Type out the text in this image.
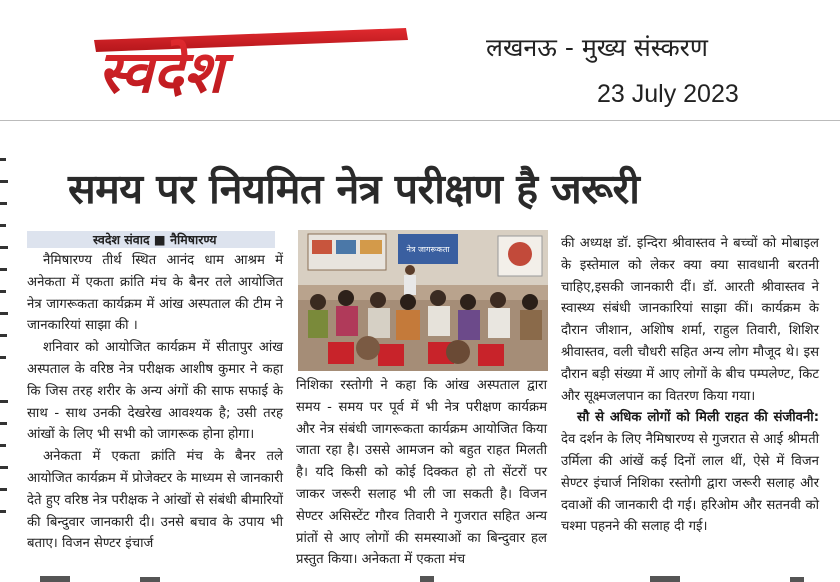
स्वदेश	लखनऊ - मुख्य संस्करण
23 July 2023
समय पर नियमित नेत्र परीक्षण है जरूरी
स्वदेश संवाद ■ नैमिषारण्य

नैमिषारण्य तीर्थ स्थित आनंद धाम आश्रम में अनेकता में एकता क्रांति मंच के बैनर तले आयोजित नेत्र जागरूकता कार्यक्रम में आंख अस्पताल की टीम ने जानकारियां साझा की ।

शनिवार को आयोजित कार्यक्रम में सीतापुर आंख अस्पताल के वरिष्ठ नेत्र परीक्षक आशीष कुमार ने कहा कि जिस तरह शरीर के अन्य अंगों की साफ सफाई के साथ - साथ उनकी देखरेख आवश्यक है; उसी तरह आंखों के लिए भी सभी को जागरूक होना होगा।

अनेकता में एकता क्रांति मंच के बैनर तले आयोजित कार्यक्रम में प्रोजेक्टर के माध्यम से जानकारी देते हुए वरिष्ठ नेत्र परीक्षक ने आंखों से संबंधी बीमारियों की बिन्दुवार जानकारी दी। उनसे बचाव के उपाय भी बताए। विजन सेण्टर इंचार्ज

नेत्र जागरूकता

निशिका रस्तोगी ने कहा कि आंख अस्पताल द्वारा समय - समय पर पूर्व में भी नेत्र परीक्षण कार्यक्रम और नेत्र संबंधी जागरूकता कार्यक्रम आयोजित किया जाता रहा है। उससे आमजन को बहुत राहत मिलती है। यदि किसी को कोई दिक्कत हो तो सेंटरों पर जाकर जरूरी सलाह भी ली जा सकती है। विजन सेण्टर असिस्टेंट गौरव तिवारी ने गुजरात सहित अन्य प्रांतों से आए लोगों की समस्याओं का बिन्दुवार हल प्रस्तुत किया। अनेकता में एकता मंच

की अध्यक्ष डॉ. इन्दिरा श्रीवास्तव ने बच्चों को मोबाइल के इस्तेमाल को लेकर क्या क्या सावधानी बरतनी चाहिए,इसकी जानकारी दीं। डॉ. आरती श्रीवास्तव ने स्वास्थ्य संबंधी जानकारियां साझा कीं। कार्यक्रम के दौरान जीशान, अशोिष शर्मा, राहुल तिवारी, शिशिर श्रीवास्तव, वली चौधरी सहित अन्य लोग मौजूद थे। इस दौरान बड़ी संख्या में आए लोगों के बीच पम्पलेण्ट, किट और सूक्ष्मजलपान का वितरण किया गया।

सौ से अधिक लोगों को मिली राहत की संजीवनी: देव दर्शन के लिए नैमिषारण्य से गुजरात से आई श्रीमती उर्मिला की आंखें कई दिनों लाल थीं, ऐसे में विजन सेण्टर इंचार्ज निशिका रस्तोगी द्वारा जरूरी सलाह और दवाओं की जानकारी दी गई। हरिओम और सतनवी को चश्मा पहनने की सलाह दी गई।
